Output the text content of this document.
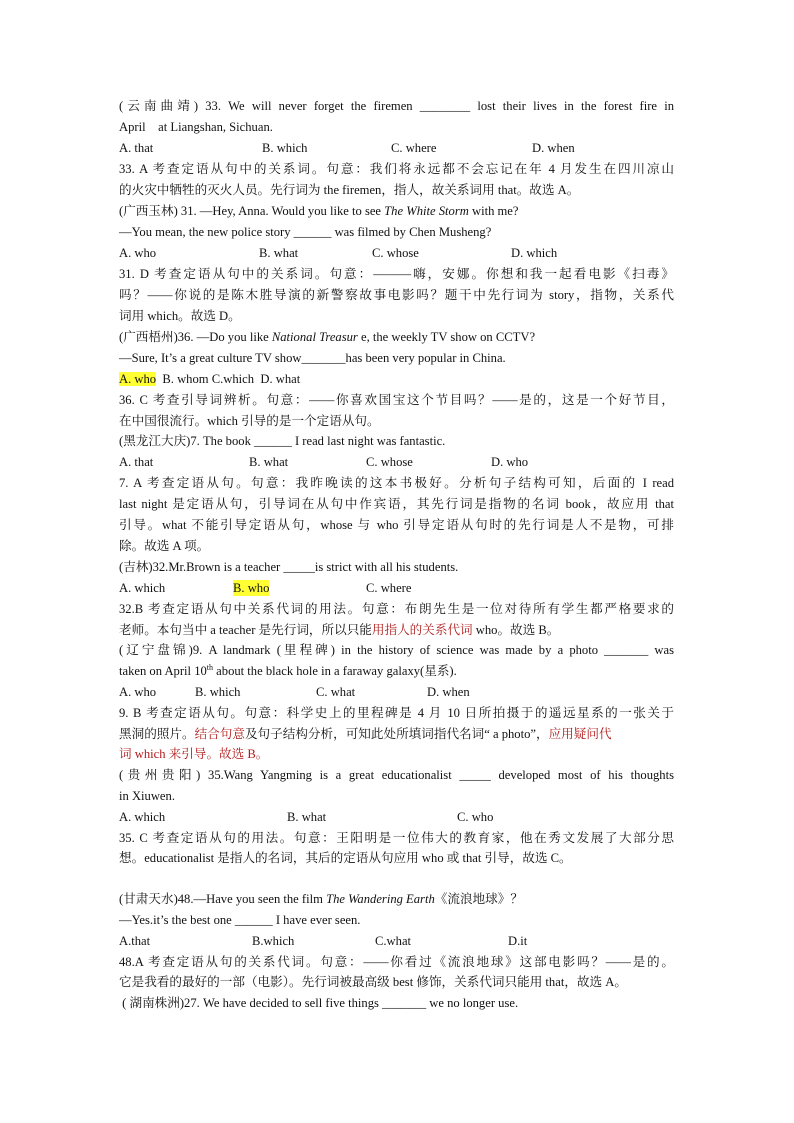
(云南曲靖) 33. We will never forget the firemen ________ lost their lives in the forest fire in
April    at Liangshan, Sichuan.
A. that	B. which	C. where	D. when
33. A 考查定语从句中的关系词。句意：我们将永远都不会忘记在年 4 月发生在四川凉山
的火灾中牺牲的灭火人员。先行词为 the firemen，指人，故关系词用 that。故选 A。
(广西玉林) 31. —Hey, Anna. Would you like to see The White Storm with me?
—You mean, the new police story ______ was filmed by Chen Musheng?
A. who	B. what	C. whose	D. which
31. D 考查定语从句中的关系词。句意：———嗨，安娜。你想和我一起看电影《扫毒》
吗？——你说的是陈木胜导演的新警察故事电影吗？题干中先行词为 story，指物，关系代
词用 which。故选 D。
(广西梧州)36. —Do you like National Treasur e, the weekly TV show on CCTV?
—Sure, It’s a great culture TV show_______has been very popular in China.
A. who  B. whom C.which  D. what
36. C 考查引导词辨析。句意：——你喜欢国宝这个节目吗？——是的，这是一个好节目，
在中国很流行。which 引导的是一个定语从句。
(黑龙江大庆)7. The book ______ I read last night was fantastic.
A. that	B. what	C. whose	D. who
7. A 考查定语从句。句意：我昨晚读的这本书极好。分析句子结构可知，后面的 I read
last night 是定语从句，引导词在从句中作宾语，其先行词是指物的名词 book，故应用 that
引导。what 不能引导定语从句，whose 与 who 引导定语从句时的先行词是人不是物，可排
除。故选 A 项。
(吉林)32.Mr.Brown is a teacher _____is strict with all his students.
A. which	B. who	C. where
32.B 考查定语从句中关系代词的用法。句意：布朗先生是一位对待所有学生都严格要求的
老师。本句当中 a teacher 是先行词，所以只能用指人的关系代词 who。故选 B。
(辽宁盘锦)9. A landmark (里程碑) in the history of science was made by a photo _______ was
taken on April 10th about the black hole in a faraway galaxy(星系).
A. who	B. which	C. what	D. when
9. B 考查定语从句。句意：科学史上的里程碑是 4 月 10 日所拍摄于的遥远星系的一张关于
黑洞的照片。结合句意及句子结构分析，可知此处所填词指代名词“ a photo”，应用疑问代
词 which 来引导。故选 B。
(贵州贵阳) 35.Wang Yangming is a great educationalist _____ developed most of his thoughts
in Xiuwen.
A. which	B. what	C. who
35. C 考查定语从句的用法。句意：王阳明是一位伟大的教育家，他在秀文发展了大部分思
想。educationalist 是指人的名词，其后的定语从句应用 who 或 that 引导，故选 C。
(甘肃天水)48.—Have you seen the film The Wandering Earth《流浪地球》？
—Yes.it’s the best one ______ I have ever seen.
A.that	B.which	C.what	D.it
48.A 考查定语从句的关系代词。句意：——你看过《流浪地球》这部电影吗？——是的。
它是我看的最好的一部（电影）。先行词被最高级 best 修饰，关系代词只能用 that，故选 A。
( 湖南株洲)27. We have decided to sell five things _______ we no longer use.
